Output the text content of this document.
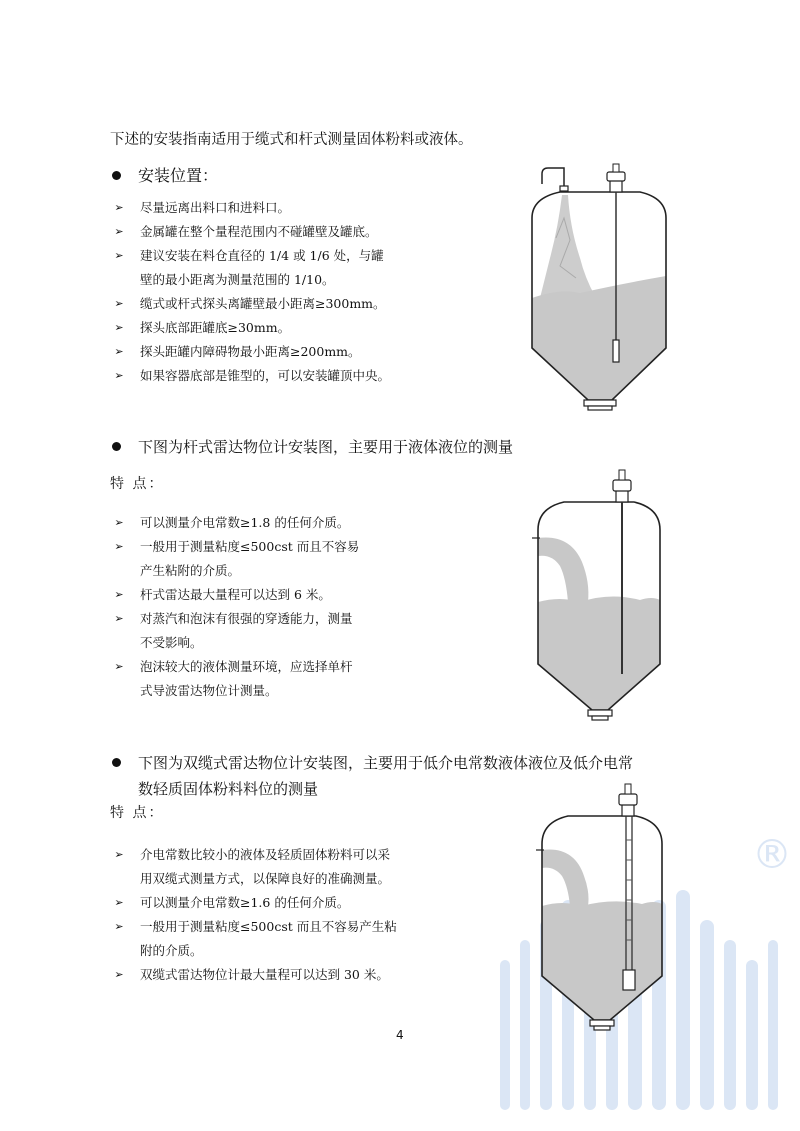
下述的安装指南适用于缆式和杆式测量固体粉料或液体。
安装位置：
➢ 尽量远离出料口和进料口。
➢ 金属罐在整个量程范围内不碰罐壁及罐底。
➢ 建议安装在料仓直径的 1/4 或 1/6 处，与罐
壁的最小距离为测量范围的 1/10。
➢ 缆式或杆式探头离罐壁最小距离≥300mm。
➢ 探头底部距罐底≥30mm。
➢ 探头距罐内障碍物最小距离≥200mm。
➢ 如果容器底部是锥型的，可以安装罐顶中央。
下图为杆式雷达物位计安装图，主要用于液体液位的测量
特 点：
➢ 可以测量介电常数≥1.8 的任何介质。
➢ 一般用于测量粘度≤500cst 而且不容易
产生粘附的介质。
➢ 杆式雷达最大量程可以达到 6 米。
➢ 对蒸汽和泡沫有很强的穿透能力，测量
不受影响。
➢ 泡沫较大的液体测量环境，应选择单杆
式导波雷达物位计测量。
下图为双缆式雷达物位计安装图，主要用于低介电常数液体液位及低介电常
数轻质固体粉料料位的测量
特 点：
➢ 介电常数比较小的液体及轻质固体粉料可以采
用双缆式测量方式，以保障良好的准确测量。
➢ 可以测量介电常数≥1.6 的任何介质。
➢ 一般用于测量粘度≤500cst 而且不容易产生粘
附的介质。
➢ 双缆式雷达物位计最大量程可以达到 30 米。
®
4
